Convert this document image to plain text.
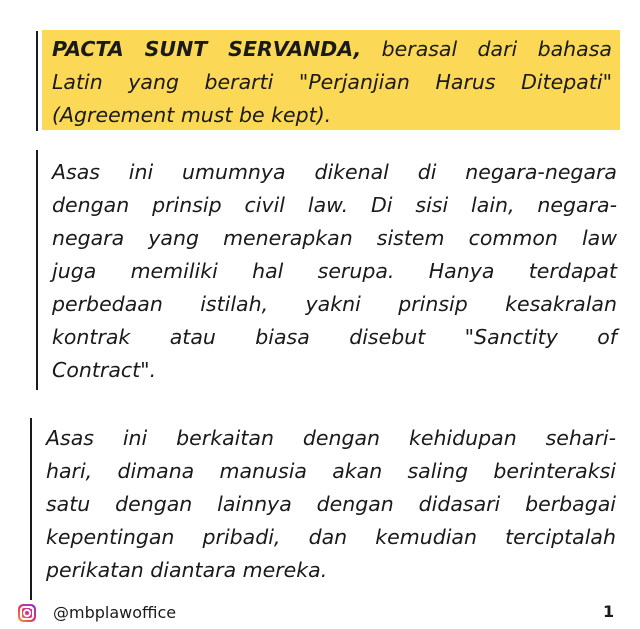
PACTA SUNT SERVANDA, berasal dari bahasa
Latin yang berarti "Perjanjian Harus Ditepati"
(Agreement must be kept).
Asas ini umumnya dikenal di negara-negara
dengan prinsip civil law. Di sisi lain, negara-
negara yang menerapkan sistem common law
juga memiliki hal serupa. Hanya terdapat
perbedaan istilah, yakni prinsip kesakralan
kontrak atau biasa disebut "Sanctity of
Contract".
Asas ini berkaitan dengan kehidupan sehari-
hari, dimana manusia akan saling berinteraksi
satu dengan lainnya dengan didasari berbagai
kepentingan pribadi, dan kemudian terciptalah
perikatan diantara mereka.
@mbplawoffice	1
